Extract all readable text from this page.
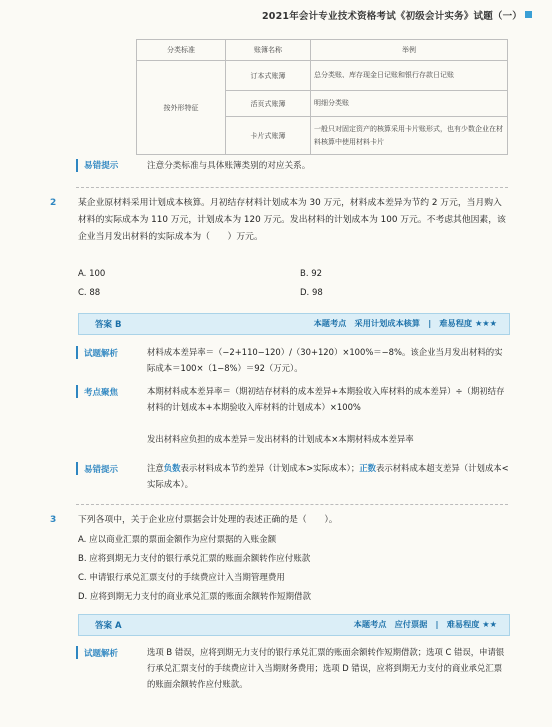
2021年会计专业技术资格考试《初级会计实务》试题（一）
分类标准	账簿名称	举例
按外形特征	订本式账簿	总分类账、库存现金日记账和银行存款日记账
	活页式账簿	明细分类账
	卡片式账簿	一般只对固定资产的核算采用卡片账形式，也有少数企业在材料核算中使用材料卡片
易错提示	注意分类标准与具体账簿类别的对应关系。
2 某企业原材料采用计划成本核算。月初结存材料计划成本为 30 万元，材料成本差异为节约 2 万元，当月购入材料的实际成本为 110 万元，计划成本为 120 万元。发出材料的计划成本为 100 万元。不考虑其他因素，该企业当月发出材料的实际成本为（　　）万元。
A. 100	B. 92
C. 88	D. 98
答案 B	本题考点　采用计划成本核算　|　难易程度 ★★★
试题解析	材料成本差异率＝（−2+110−120）/（30+120）×100%＝−8%。该企业当月发出材料的实际成本＝100×（1−8%）＝92（万元）。
考点聚焦	本期材料成本差异率＝（期初结存材料的成本差异+本期验收入库材料的成本差异）÷（期初结存材料的计划成本+本期验收入库材料的计划成本）×100%
发出材料应负担的成本差异＝发出材料的计划成本×本期材料成本差异率
易错提示	注意负数表示材料成本节约差异（计划成本>实际成本）；正数表示材料成本超支差异（计划成本<实际成本）。
3 下列各项中，关于企业应付票据会计处理的表述正确的是（　　）。
A. 应以商业汇票的票面金额作为应付票据的入账金额
B. 应将到期无力支付的银行承兑汇票的账面余额转作应付账款
C. 申请银行承兑汇票支付的手续费应计入当期管理费用
D. 应将到期无力支付的商业承兑汇票的账面余额转作短期借款
答案 A	本题考点　应付票据　|　难易程度 ★★
试题解析	选项 B 错误，应将到期无力支付的银行承兑汇票的账面余额转作短期借款；选项 C 错误，申请银行承兑汇票支付的手续费应计入当期财务费用；选项 D 错误，应将到期无力支付的商业承兑汇票的账面余额转作应付账款。
